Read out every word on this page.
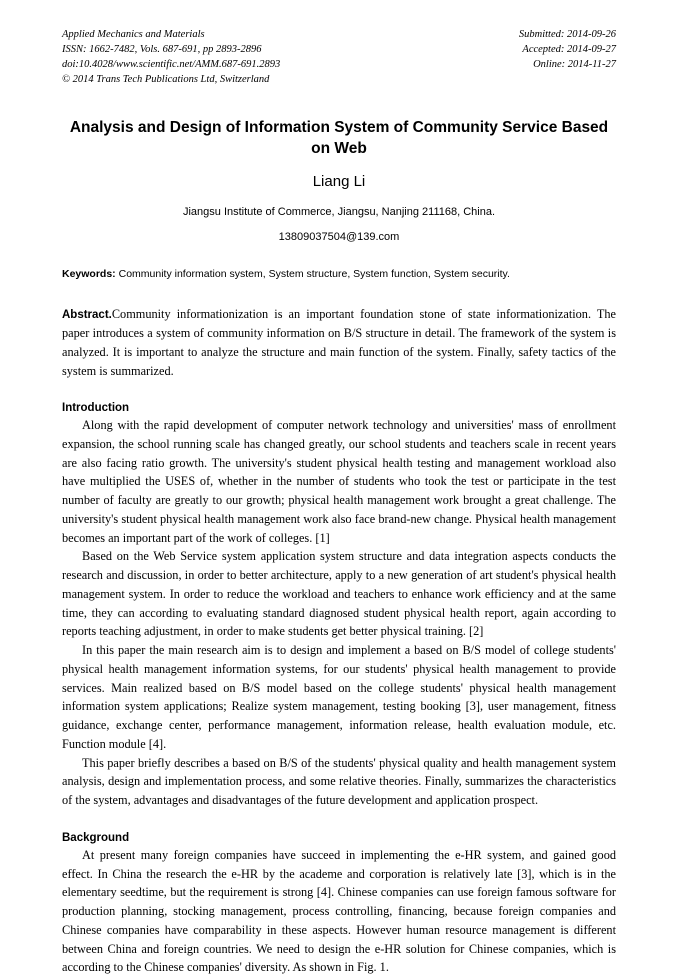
Applied Mechanics and Materials
ISSN: 1662-7482, Vols. 687-691, pp 2893-2896
doi:10.4028/www.scientific.net/AMM.687-691.2893
© 2014 Trans Tech Publications Ltd, Switzerland
Submitted: 2014-09-26
Accepted: 2014-09-27
Online: 2014-11-27
Analysis and Design of Information System of Community Service Based on Web
Liang Li
Jiangsu Institute of Commerce, Jiangsu, Nanjing 211168, China.
13809037504@139.com
Keywords: Community information system, System structure, System function, System security.
Abstract.Community informationization is an important foundation stone of state informationization. The paper introduces a system of community information on B/S structure in detail. The framework of the system is analyzed. It is important to analyze the structure and main function of the system. Finally, safety tactics of the system is summarized.
Introduction

Along with the rapid development of computer network technology and universities' mass of enrollment expansion, the school running scale has changed greatly, our school students and teachers scale in recent years are also facing ratio growth. The university's student physical health testing and management workload also have multiplied the USES of, whether in the number of students who took the test or participate in the test number of faculty are greatly to our growth; physical health management work brought a great challenge. The university's student physical health management work also face brand-new change. Physical health management becomes an important part of the work of colleges. [1]

Based on the Web Service system application system structure and data integration aspects conducts the research and discussion, in order to better architecture, apply to a new generation of art student's physical health management system. In order to reduce the workload and teachers to enhance work efficiency and at the same time, they can according to evaluating standard diagnosed student physical health report, again according to reports teaching adjustment, in order to make students get better physical training. [2]

In this paper the main research aim is to design and implement a based on B/S model of college students' physical health management information systems, for our students' physical health management to provide services. Main realized based on B/S model based on the college students' physical health management information system applications; Realize system management, testing booking [3], user management, fitness guidance, exchange center, performance management, information release, health evaluation module, etc. Function module [4].

This paper briefly describes a based on B/S of the students' physical quality and health management system analysis, design and implementation process, and some relative theories. Finally, summarizes the characteristics of the system, advantages and disadvantages of the future development and application prospect.

Background

At present many foreign companies have succeed in implementing the e-HR system, and gained good effect. In China the research the e-HR by the academe and corporation is relatively late [3], which is in the elementary seedtime, but the requirement is strong [4]. Chinese companies can use foreign famous software for production planning, stocking management, process controlling, financing, because foreign companies and Chinese companies have comparability in these aspects. However human resource management is different between China and foreign countries. We need to design the e-HR solution for Chinese companies, which is according to the Chinese companies' diversity. As shown in Fig. 1.
